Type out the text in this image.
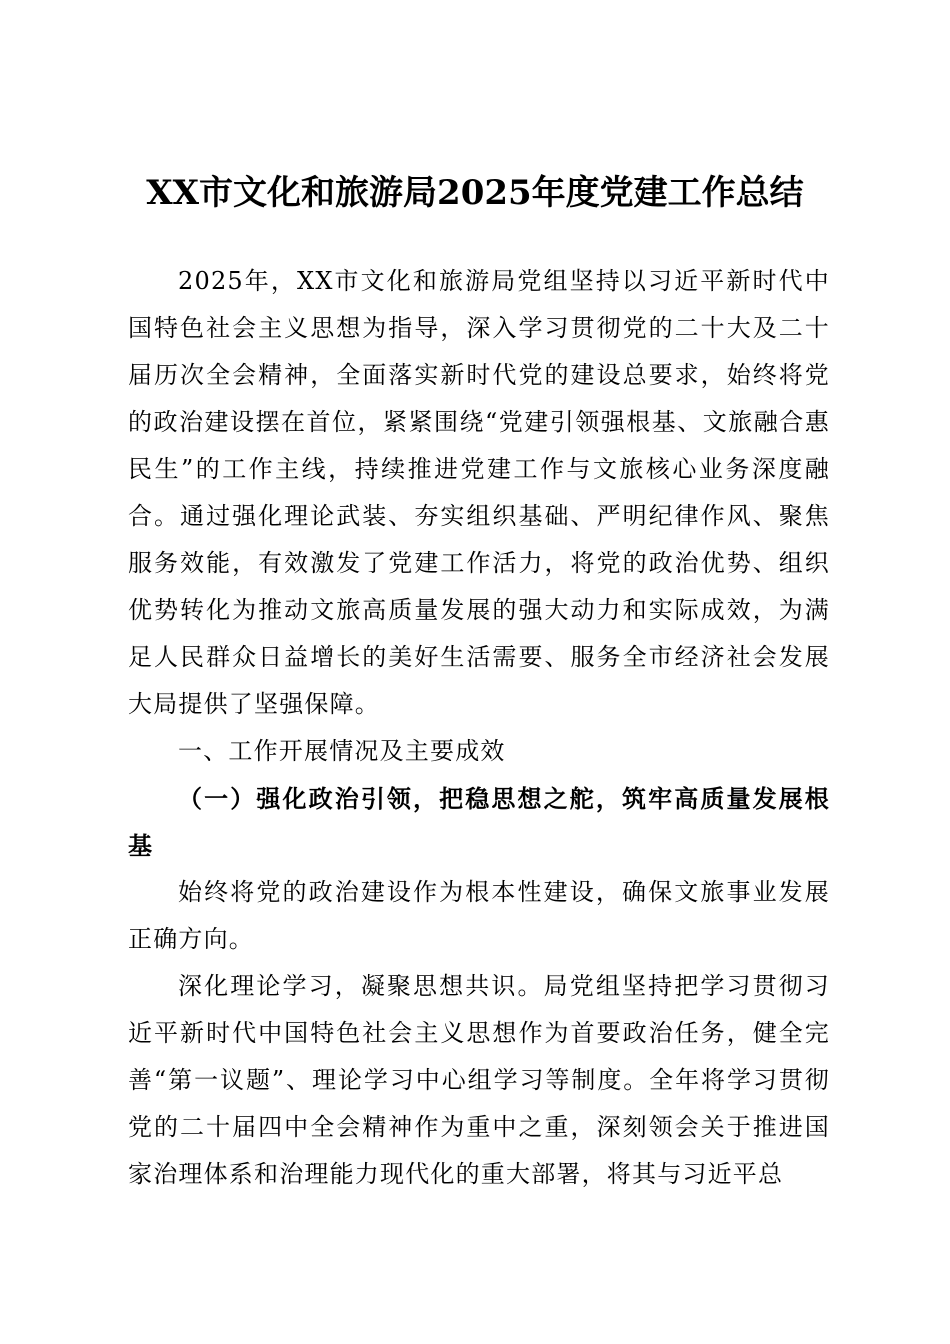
XX市文化和旅游局2025年度党建工作总结

2025年，XX市文化和旅游局党组坚持以习近平新时代中国特色社会主义思想为指导，深入学习贯彻党的二十大及二十届历次全会精神，全面落实新时代党的建设总要求，始终将党的政治建设摆在首位，紧紧围绕“党建引领强根基、文旅融合惠民生”的工作主线，持续推进党建工作与文旅核心业务深度融合。通过强化理论武装、夯实组织基础、严明纪律作风、聚焦服务效能，有效激发了党建工作活力，将党的政治优势、组织优势转化为推动文旅高质量发展的强大动力和实际成效，为满足人民群众日益增长的美好生活需要、服务全市经济社会发展大局提供了坚强保障。

一、工作开展情况及主要成效

（一）强化政治引领，把稳思想之舵，筑牢高质量发展根基

始终将党的政治建设作为根本性建设，确保文旅事业发展正确方向。

深化理论学习，凝聚思想共识。局党组坚持把学习贯彻习近平新时代中国特色社会主义思想作为首要政治任务，健全完善“第一议题”、理论学习中心组学习等制度。全年将学习贯彻党的二十届四中全会精神作为重中之重，深刻领会关于推进国家治理体系和治理能力现代化的重大部署，将其与习近平总
